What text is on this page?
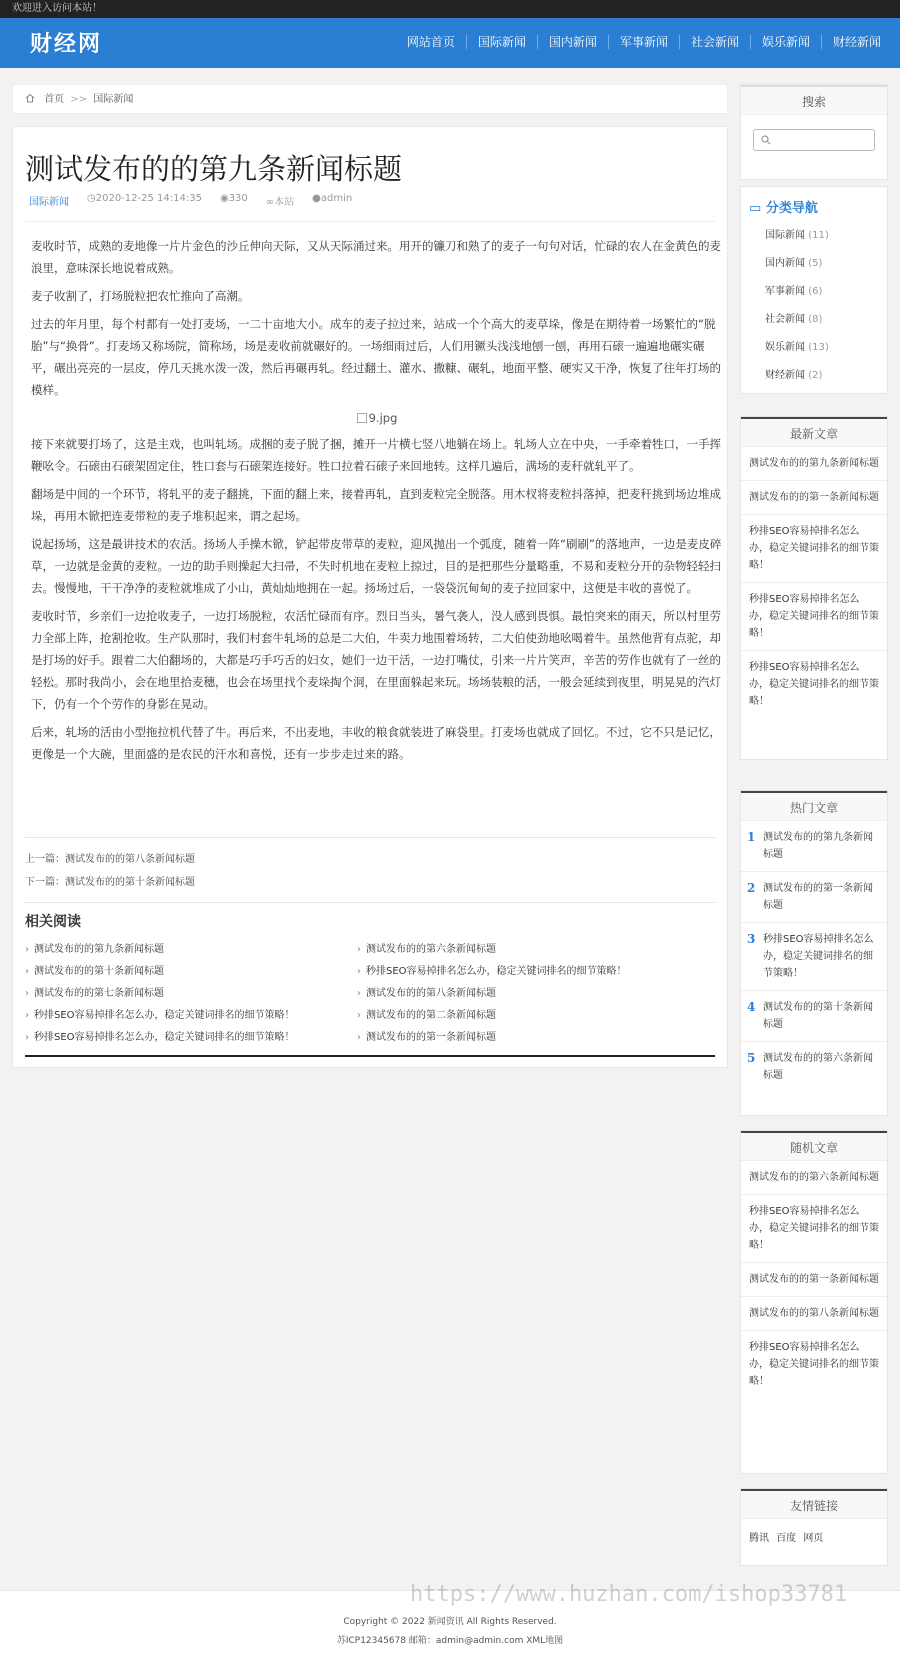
欢迎进入访问本站！
财经网	网站首页	国际新闻	国内新闻	军事新闻	社会新闻	娱乐新闻	财经新闻
首页 >> 国际新闻
测试发布的的第九条新闻标题
国际新闻 ◷2020-12-25 14:14:35 ◉330 ∞本站 ●admin

麦收时节，成熟的麦地像一片片金色的沙丘伸向天际，又从天际涌过来。用开的镰刀和熟了的麦子一句句对话，忙碌的农人在金黄色的麦浪里，意味深长地说着成熟。

麦子收割了，打场脱粒把农忙推向了高潮。

过去的年月里，每个村都有一处打麦场，一二十亩地大小。成车的麦子拉过来，站成一个个高大的麦草垛，像是在期待着一场繁忙的“脱胎”与“换骨”。打麦场又称场院，简称场，场是麦收前就碾好的。一场细雨过后，人们用镢头浅浅地刨一刨，再用石磙一遍遍地碾实碾平，碾出亮亮的一层皮，停几天挑水泼一泼，然后再碾再轧。经过翻土、灌水、撒糠、碾轧，地面平整、硬实又干净，恢复了往年打场的模样。

9.jpg

接下来就要打场了，这是主戏，也叫轧场。成捆的麦子脱了捆，摊开一片横七竖八地躺在场上。轧场人立在中央，一手牵着牲口，一手挥鞭吆令。石磙由石磙架固定住，牲口套与石磙架连接好。牲口拉着石磙子来回地转。这样几遍后，满场的麦秆就轧平了。

翻场是中间的一个环节，将轧平的麦子翻挑，下面的翻上来，接着再轧，直到麦粒完全脱落。用木杈将麦粒抖落掉，把麦秆挑到场边堆成垛，再用木锨把连麦带粒的麦子堆积起来，谓之起场。

说起扬场，这是最讲技术的农活。扬场人手操木锨，铲起带皮带草的麦粒，迎风抛出一个弧度，随着一阵“刷刷”的落地声，一边是麦皮碎草，一边就是金黄的麦粒。一边的助手则操起大扫帚，不失时机地在麦粒上掠过，目的是把那些分量略重，不易和麦粒分开的杂物轻轻扫去。慢慢地，干干净净的麦粒就堆成了小山，黄灿灿地拥在一起。扬场过后，一袋袋沉甸甸的麦子拉回家中，这便是丰收的喜悦了。

麦收时节，乡亲们一边抢收麦子，一边打场脱粒，农活忙碌而有序。烈日当头，暑气袭人，没人感到畏惧。最怕突来的雨天，所以村里劳力全部上阵，抢割抢收。生产队那时，我们村套牛轧场的总是二大伯，牛卖力地围着场转，二大伯使劲地吆喝着牛。虽然他背有点驼，却是打场的好手。跟着二大伯翻场的，大都是巧手巧舌的妇女，她们一边干活，一边打嘴仗，引来一片片笑声，辛苦的劳作也就有了一丝的轻松。那时我尚小，会在地里拾麦穗，也会在场里找个麦垛掏个洞，在里面躲起来玩。场场装粮的活，一般会延续到夜里，明晃晃的汽灯下，仍有一个个劳作的身影在晃动。

后来，轧场的活由小型拖拉机代替了牛。再后来，不出麦地，丰收的粮食就装进了麻袋里。打麦场也就成了回忆。不过，它不只是记忆，更像是一个大碗，里面盛的是农民的汗水和喜悦，还有一步步走过来的路。

上一篇：测试发布的的第八条新闻标题
下一篇：测试发布的的第十条新闻标题
相关阅读
› 测试发布的的第九条新闻标题	› 测试发布的的第六条新闻标题
› 测试发布的的第十条新闻标题	› 秒排SEO容易掉排名怎么办，稳定关键词排名的细节策略！
› 测试发布的的第七条新闻标题	› 测试发布的的第八条新闻标题
› 秒排SEO容易掉排名怎么办，稳定关键词排名的细节策略！	› 测试发布的的第二条新闻标题
› 秒排SEO容易掉排名怎么办，稳定关键词排名的细节策略！	› 测试发布的的第一条新闻标题
搜索
▭ 分类导航
国际新闻 (11)
国内新闻 (5)
军事新闻 (6)
社会新闻 (8)
娱乐新闻 (13)
财经新闻 (2)
最新文章
测试发布的的第九条新闻标题
测试发布的的第一条新闻标题
秒排SEO容易掉排名怎么办，稳定关键词排名的细节策略！
秒排SEO容易掉排名怎么办，稳定关键词排名的细节策略！
秒排SEO容易掉排名怎么办，稳定关键词排名的细节策略！
热门文章
1 测试发布的的第九条新闻标题
2 测试发布的的第一条新闻标题
3 秒排SEO容易掉排名怎么办，稳定关键词排名的细节策略！
4 测试发布的的第十条新闻标题
5 测试发布的的第六条新闻标题
随机文章
测试发布的的第六条新闻标题
秒排SEO容易掉排名怎么办，稳定关键词排名的细节策略！
测试发布的的第一条新闻标题
测试发布的的第八条新闻标题
秒排SEO容易掉排名怎么办，稳定关键词排名的细节策略！
友情链接
腾讯 百度 网页

Copyright © 2022 新闻资讯 All Rights Reserved.

苏ICP12345678 邮箱：admin@admin.com XML地图

https://www.huzhan.com/ishop33781
